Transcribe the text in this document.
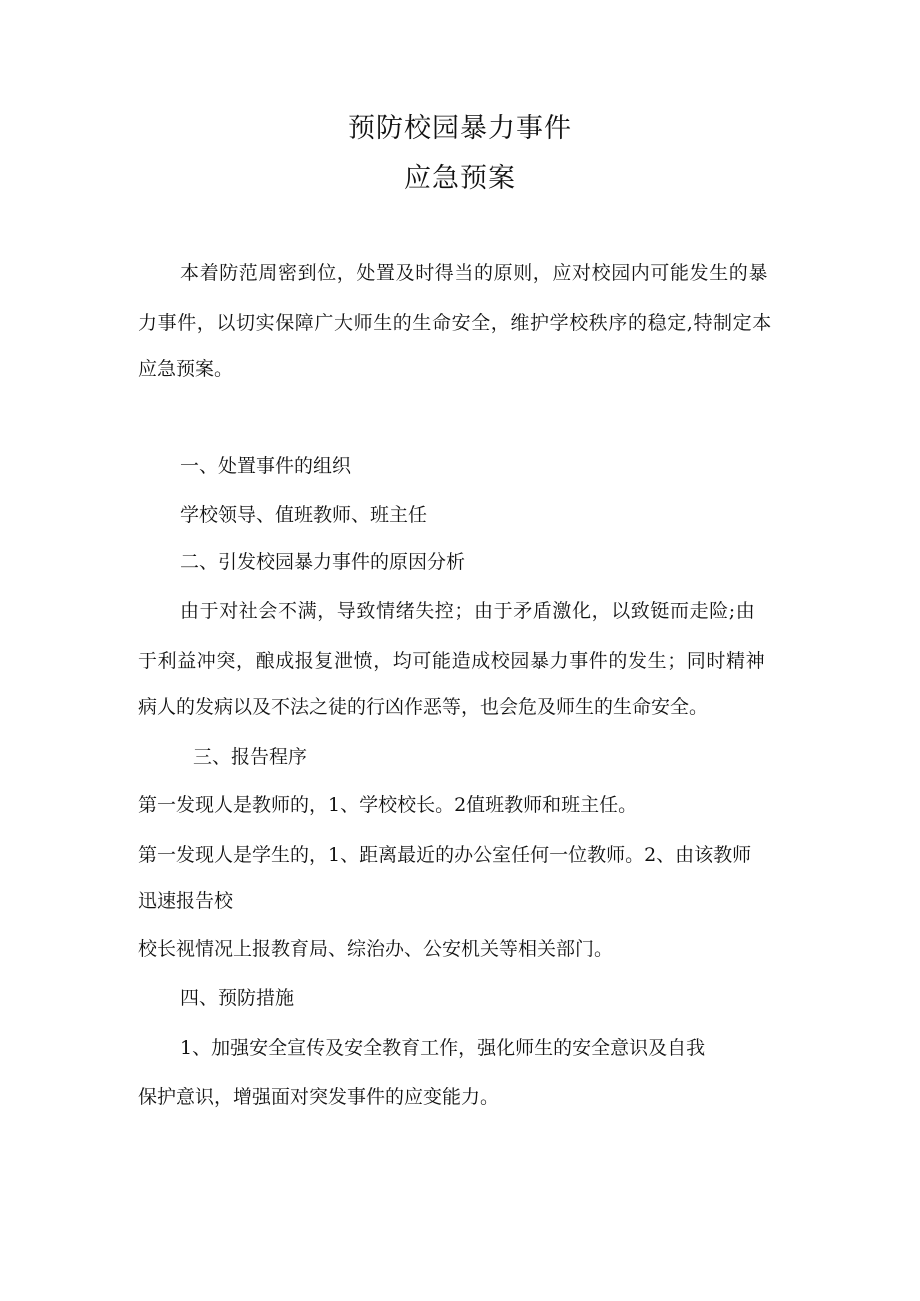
预防校园暴力事件
应急预案
本着防范周密到位，处置及时得当的原则，应对校园内可能发生的暴
力事件，以切实保障广大师生的生命安全，维护学校秩序的稳定,特制定本
应急预案。
一、处置事件的组织
学校领导、值班教师、班主任
二、引发校园暴力事件的原因分析
由于对社会不满，导致情绪失控；由于矛盾激化，以致铤而走险;由
于利益冲突，酿成报复泄愤，均可能造成校园暴力事件的发生；同时精神
病人的发病以及不法之徒的行凶作恶等，也会危及师生的生命安全。
三、报告程序
第一发现人是教师的，1、学校校长。2值班教师和班主任。
第一发现人是学生的，1、距离最近的办公室任何一位教师。2、由该教师
迅速报告校
校长视情况上报教育局、综治办、公安机关等相关部门。
四、预防措施
1、加强安全宣传及安全教育工作，强化师生的安全意识及自我
保护意识，增强面对突发事件的应变能力。
